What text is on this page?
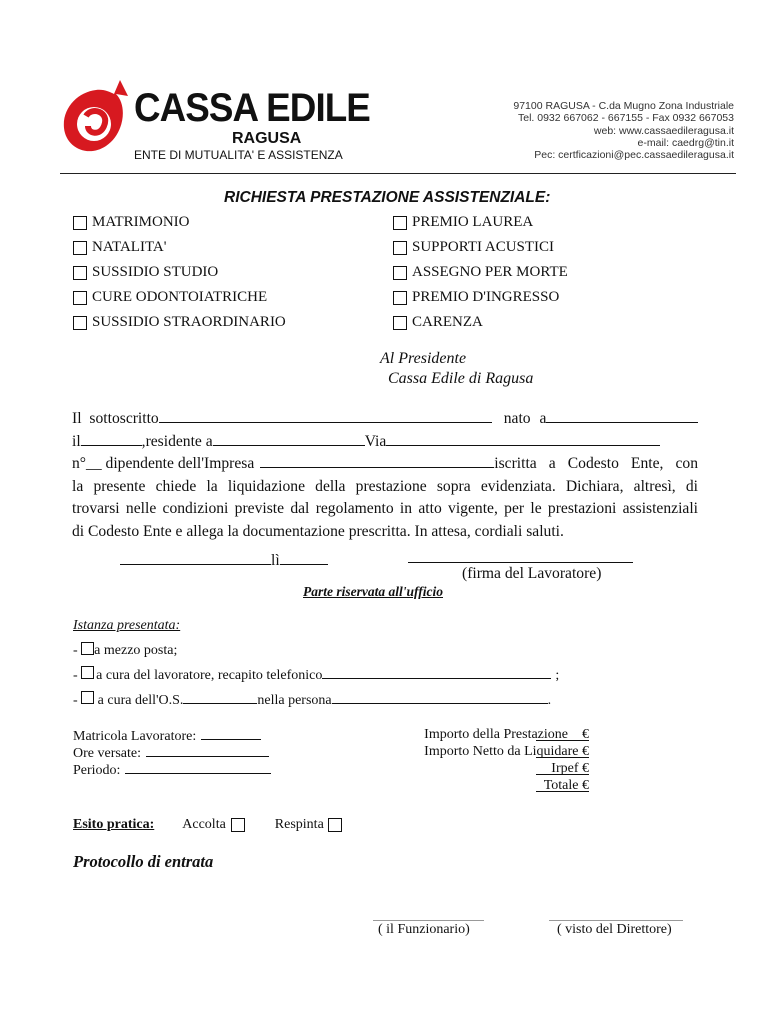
CASSA EDILE
RAGUSA
ENTE DI MUTUALITA' E ASSISTENZA
97100 RAGUSA - C.da Mugno Zona Industriale
Tel. 0932 667062 - 667155 - Fax 0932 667053
web: www.cassaedileragusa.it
e-mail: caedrg@tin.it
Pec: certficazioni@pec.cassaedileragusa.it
RICHIESTA PRESTAZIONE ASSISTENZIALE:
MATRIMONIO
NATALITA'
SUSSIDIO STUDIO
CURE ODONTOIATRICHE
SUSSIDIO STRAORDINARIO
PREMIO LAUREA
SUPPORTI ACUSTICI
ASSEGNO PER MORTE
PREMIO D'INGRESSO
CARENZA
Al Presidente
Cassa Edile di Ragusa
Il sottoscritto	nato a
il	,residente a	Via
n°__ dipendente dell'Impresa	iscritta a Codesto Ente, con
la presente chiede la liquidazione della prestazione sopra evidenziata. Dichiara, altresì, di
trovarsi nelle condizioni previste dal regolamento in atto vigente, per le prestazioni assistenziali
di Codesto Ente e allega la documentazione prescritta. In attesa, cordiali saluti.
lì
(firma del Lavoratore)
Parte riservata all'ufficio
Istanza presentata:
- a mezzo posta;
-
a cura del lavoratore, recapito telefonico	;
-

a cura dell'O.S.	nella persona	.
Matricola Lavoratore:
Ore versate:
Periodo:
Importo della Prestazione €
Importo Netto da Liquidare €
Irpef €
Totale €
Esito pratica: Accolta	Respinta
Protocollo di entrata
( il Funzionario)	( visto del Direttore)
